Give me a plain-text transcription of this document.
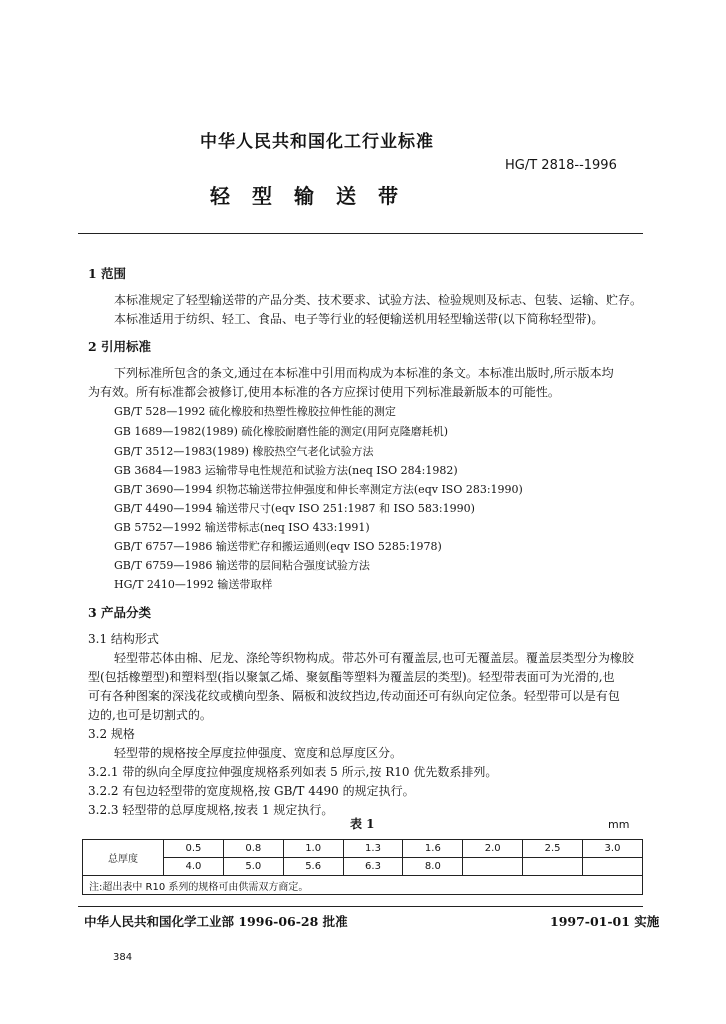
中华人民共和国化工行业标准
HG/T 2818--1996
轻型输送带
1 范围
本标准规定了轻型输送带的产品分类、技术要求、试验方法、检验规则及标志、包装、运输、贮存。
本标准适用于纺织、轻工、食品、电子等行业的轻便输送机用轻型输送带(以下简称轻型带)。
2 引用标准
下列标准所包含的条文,通过在本标准中引用而构成为本标准的条文。本标准出版时,所示版本均
为有效。所有标准都会被修订,使用本标准的各方应探讨使用下列标准最新版本的可能性。
GB/T 528—1992 硫化橡胶和热塑性橡胶拉伸性能的测定
GB 1689—1982(1989) 硫化橡胶耐磨性能的测定(用阿克隆磨耗机)
GB/T 3512—1983(1989) 橡胶热空气老化试验方法
GB 3684—1983 运输带导电性规范和试验方法(neq ISO 284:1982)
GB/T 3690—1994 织物芯输送带拉伸强度和伸长率测定方法(eqv ISO 283:1990)
GB/T 4490—1994 输送带尺寸(eqv ISO 251:1987 和 ISO 583:1990)
GB 5752—1992 输送带标志(neq ISO 433:1991)
GB/T 6757—1986 输送带贮存和搬运通则(eqv ISO 5285:1978)
GB/T 6759—1986 输送带的层间粘合强度试验方法
HG/T 2410—1992 输送带取样
3 产品分类
3.1 结构形式
轻型带芯体由棉、尼龙、涤纶等织物构成。带芯外可有覆盖层,也可无覆盖层。覆盖层类型分为橡胶
型(包括橡塑型)和塑料型(指以聚氯乙烯、聚氨酯等塑料为覆盖层的类型)。轻型带表面可为光滑的,也
可有各种图案的深浅花纹或横向型条、隔板和波纹挡边,传动面还可有纵向定位条。轻型带可以是有包
边的,也可是切割式的。
3.2 规格
轻型带的规格按全厚度拉伸强度、宽度和总厚度区分。
3.2.1 带的纵向全厚度拉伸强度规格系列如表 5 所示,按 R10 优先数系排列。
3.2.2 有包边轻型带的宽度规格,按 GB/T 4490 的规定执行。
3.2.3 轻型带的总厚度规格,按表 1 规定执行。
表 1	mm
总厚度	0.5	0.8	1.0	1.3	1.6	2.0	2.5	3.0
	4.0	5.0	5.6	6.3	8.0			
注:超出表中 R10 系列的规格可由供需双方商定。								
中华人民共和国化学工业部 1996-06-28 批准	1997-01-01 实施
384
